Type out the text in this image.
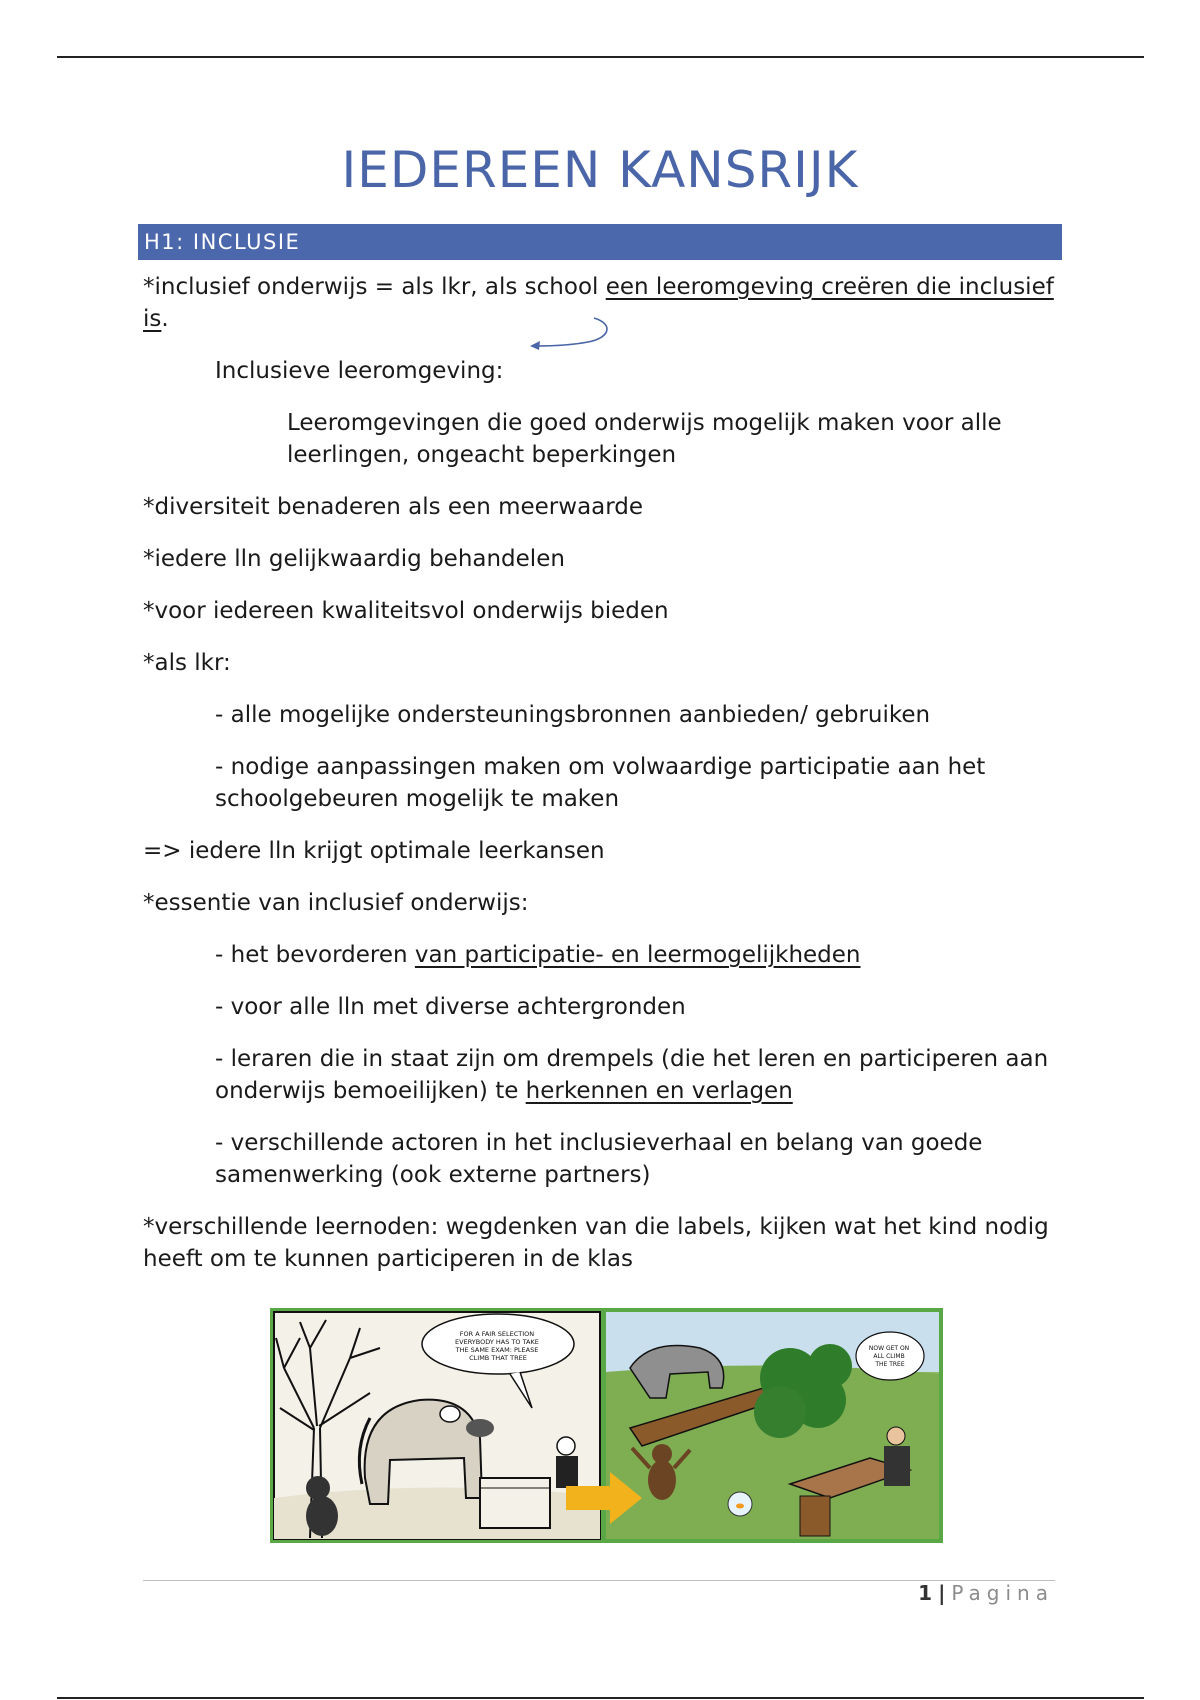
IEDEREEN KANSRIJK
H1: INCLUSIE

*inclusief onderwijs = als lkr, als school een leeromgeving creëren die inclusief is.

Inclusieve leeromgeving:

Leeromgevingen die goed onderwijs mogelijk maken voor alle leerlingen, ongeacht beperkingen

*diversiteit benaderen als een meerwaarde

*iedere lln gelijkwaardig behandelen

*voor iedereen kwaliteitsvol onderwijs bieden

*als lkr:

- alle mogelijke ondersteuningsbronnen aanbieden/ gebruiken

- nodige aanpassingen maken om volwaardige participatie aan het schoolgebeuren mogelijk te maken

=> iedere lln krijgt optimale leerkansen

*essentie van inclusief onderwijs:

- het bevorderen van participatie- en leermogelijkheden

- voor alle lln met diverse achtergronden

- leraren die in staat zijn om drempels (die het leren en participeren aan onderwijs bemoeilijken) te herkennen en verlagen

- verschillende actoren in het inclusieverhaal en belang van goede samenwerking (ook externe partners)

*verschillende leernoden: wegdenken van die labels, kijken wat het kind nodig heeft om te kunnen participeren in de klas

FOR A FAIR SELECTION EVERYBODY HAS TO TAKE THE SAME EXAM: PLEASE CLIMB THAT TREE
NOW GET ON ALL CLIMB THE TREE
1 | Pagina
